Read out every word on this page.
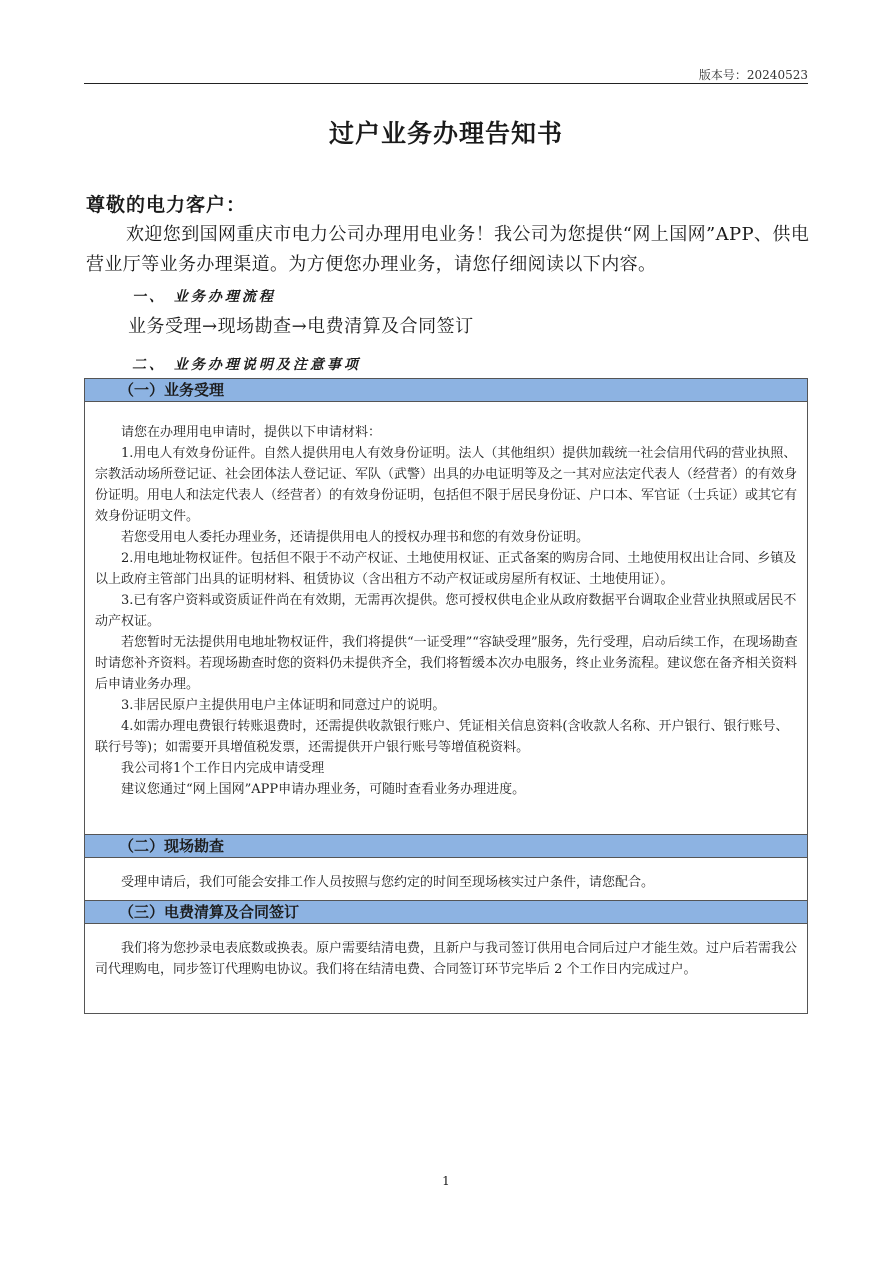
版本号：20240523
过户业务办理告知书
尊敬的电力客户：
欢迎您到国网重庆市电力公司办理用电业务！我公司为您提供“网上国网”APP、供电营业厅等业务办理渠道。为方便您办理业务，请您仔细阅读以下内容。
一、 业务办理流程
业务受理→现场勘查→电费清算及合同签订
二、 业务办理说明及注意事项
（一）业务受理

请您在办理用电申请时，提供以下申请材料：

1.用电人有效身份证件。自然人提供用电人有效身份证明。法人（其他组织）提供加载统一社会信用代码的营业执照、宗教活动场所登记证、社会团体法人登记证、军队（武警）出具的办电证明等及之一其对应法定代表人（经营者）的有效身份证明。用电人和法定代表人（经营者）的有效身份证明，包括但不限于居民身份证、户口本、军官证（士兵证）或其它有效身份证明文件。

若您受用电人委托办理业务，还请提供用电人的授权办理书和您的有效身份证明。

2.用电地址物权证件。包括但不限于不动产权证、土地使用权证、正式备案的购房合同、土地使用权出让合同、乡镇及以上政府主管部门出具的证明材料、租赁协议（含出租方不动产权证或房屋所有权证、土地使用证）。

3.已有客户资料或资质证件尚在有效期，无需再次提供。您可授权供电企业从政府数据平台调取企业营业执照或居民不动产权证。

若您暂时无法提供用电地址物权证件，我们将提供“一证受理”“容缺受理”服务，先行受理，启动后续工作，在现场勘查时请您补齐资料。若现场勘查时您的资料仍未提供齐全，我们将暂缓本次办电服务，终止业务流程。建议您在备齐相关资料后申请业务办理。

3.非居民原户主提供用电户主体证明和同意过户的说明。

4.如需办理电费银行转账退费时，还需提供收款银行账户、凭证相关信息资料(含收款人名称、开户银行、银行账号、联行号等)；如需要开具增值税发票，还需提供开户银行账号等增值税资料。

我公司将1个工作日内完成申请受理

建议您通过“网上国网”APP申请办理业务，可随时查看业务办理进度。

（二）现场勘查

受理申请后，我们可能会安排工作人员按照与您约定的时间至现场核实过户条件，请您配合。

（三）电费清算及合同签订

我们将为您抄录电表底数或换表。原户需要结清电费，且新户与我司签订供用电合同后过户才能生效。过户后若需我公司代理购电，同步签订代理购电协议。我们将在结清电费、合同签订环节完毕后 2 个工作日内完成过户。

1
